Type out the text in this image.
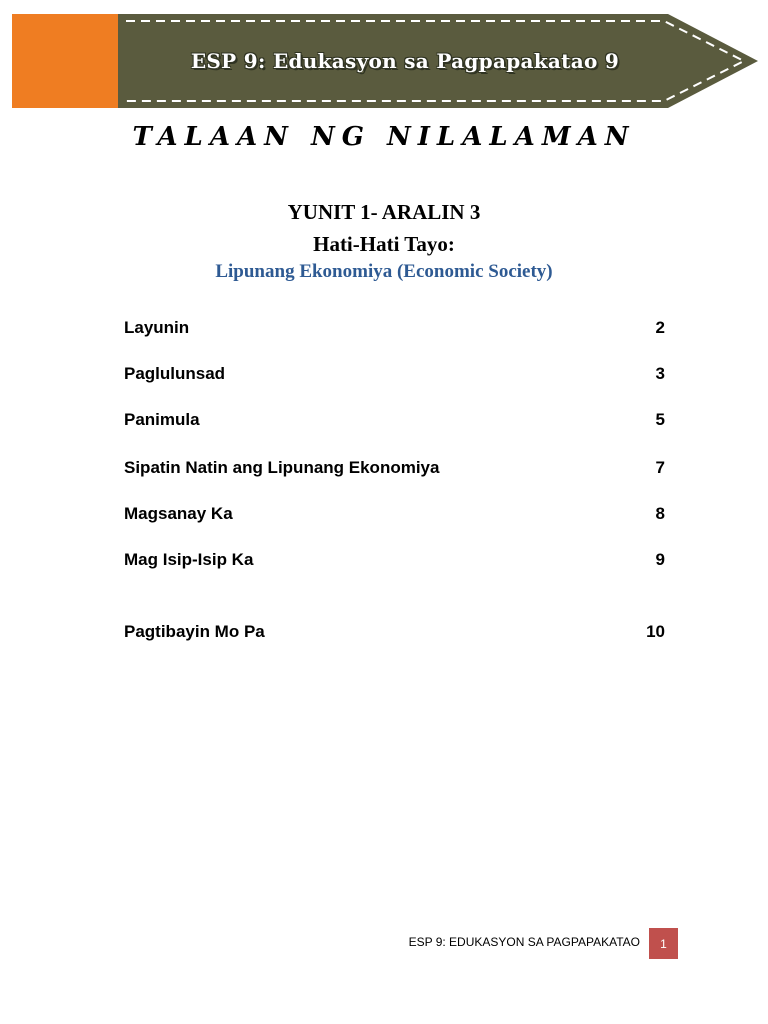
ESP 9: Edukasyon sa Pagpapakatao 9
TALAAN NG NILALAMAN
YUNIT 1- ARALIN 3
Hati-Hati Tayo:
Lipunang Ekonomiya (Economic Society)
Layunin	2
Paglulunsad	3
Panimula	5
Sipatin Natin ang Lipunang Ekonomiya	7
Magsanay Ka	8
Mag Isip-Isip Ka	9
Pagtibayin Mo Pa	10
ESP 9: EDUKASYON SA PAGPAPAKATAO	1
